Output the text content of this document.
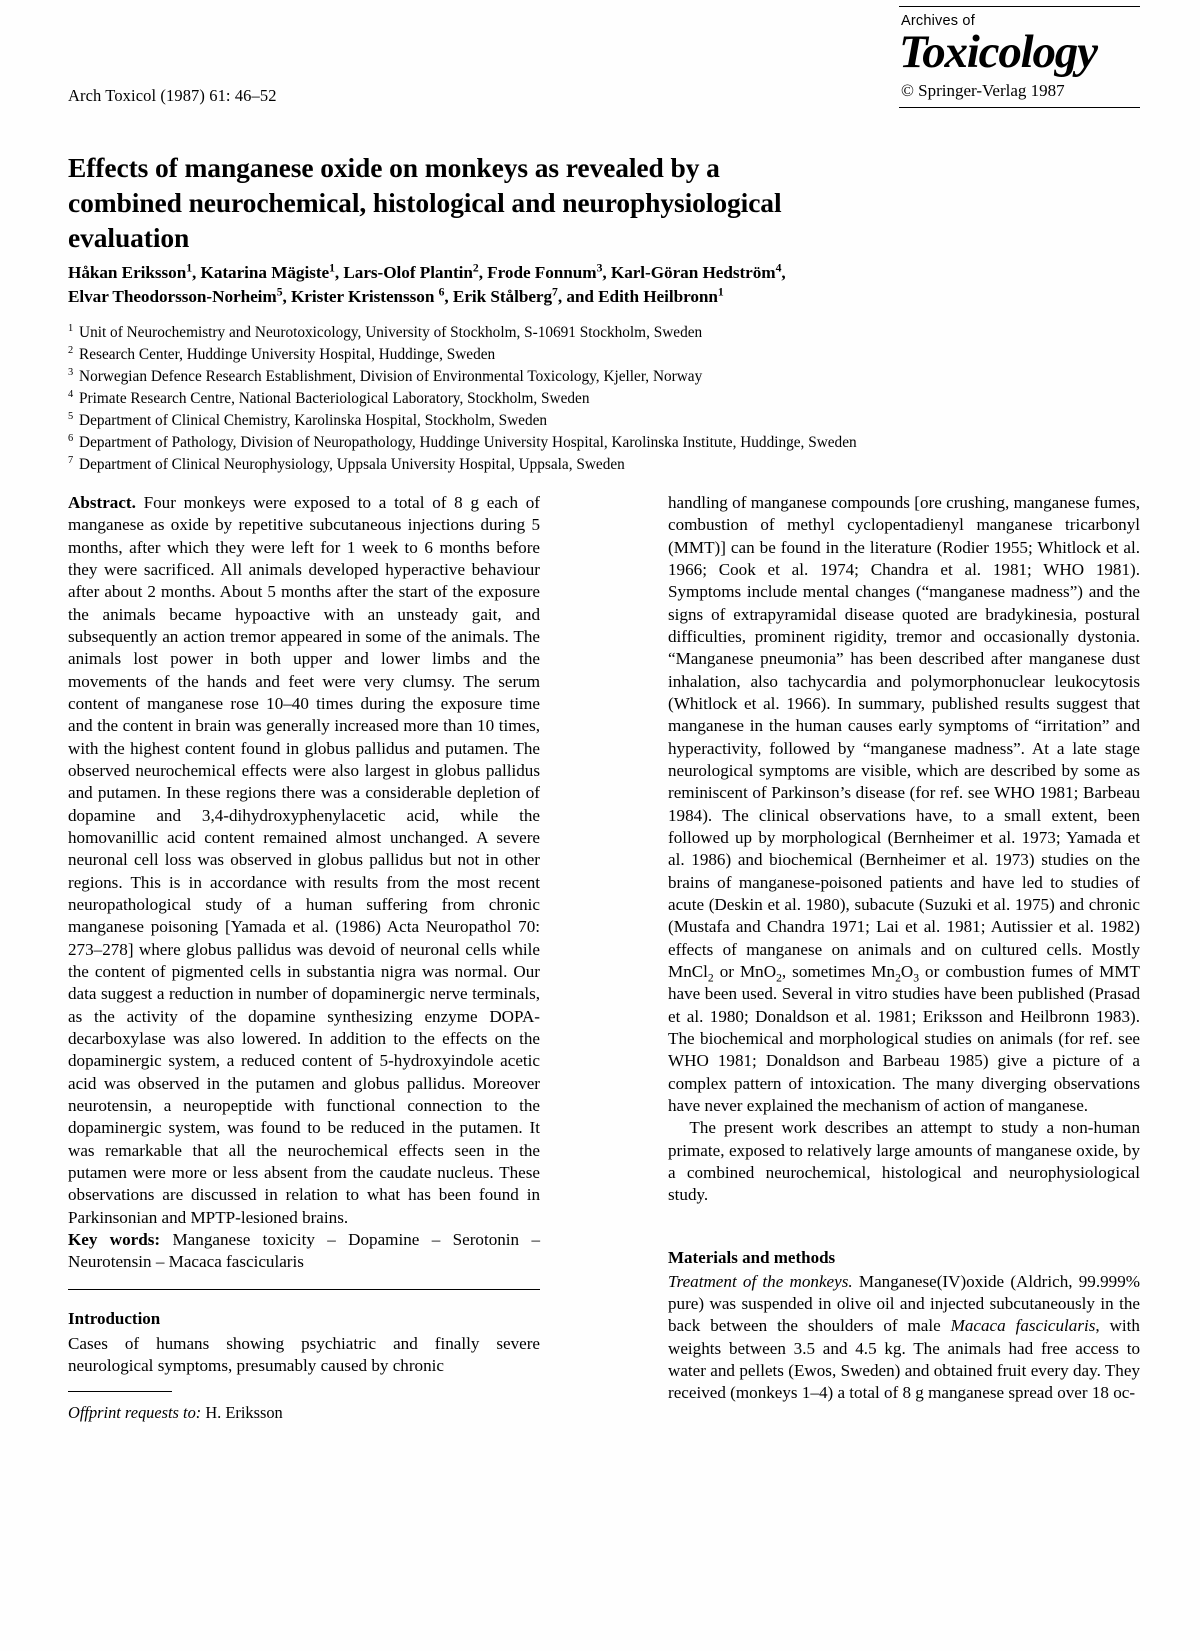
Arch Toxicol (1987) 61: 46–52
Archives of
Toxicology
© Springer-Verlag 1987
Effects of manganese oxide on monkeys as revealed by a combined neurochemical, histological and neurophysiological evaluation
Håkan Eriksson$^1$, Katarina Mägiste$^1$, Lars-Olof Plantin$^2$, Frode Fonnum$^3$, Karl-Göran Hedström$^4$,
Elvar Theodorsson-Norheim$^5$, Krister Kristensson $^6$, Erik Stålberg$^7$, and Edith Heilbronn$^1$
$^1$ Unit of Neurochemistry and Neurotoxicology, University of Stockholm, S-10691 Stockholm, Sweden
$^2$ Research Center, Huddinge University Hospital, Huddinge, Sweden
$^3$ Norwegian Defence Research Establishment, Division of Environmental Toxicology, Kjeller, Norway
$^4$ Primate Research Centre, National Bacteriological Laboratory, Stockholm, Sweden
$^5$ Department of Clinical Chemistry, Karolinska Hospital, Stockholm, Sweden
$^6$ Department of Pathology, Division of Neuropathology, Huddinge University Hospital, Karolinska Institute, Huddinge, Sweden
$^7$ Department of Clinical Neurophysiology, Uppsala University Hospital, Uppsala, Sweden

Abstract. Four monkeys were exposed to a total of 8 g each of manganese as oxide by repetitive subcutaneous injections during 5 months, after which they were left for 1 week to 6 months before they were sacrificed. All animals developed hyperactive behaviour after about 2 months. About 5 months after the start of the exposure the animals became hypoactive with an unsteady gait, and subsequently an action tremor appeared in some of the animals. The animals lost power in both upper and lower limbs and the movements of the hands and feet were very clumsy. The serum content of manganese rose 10–40 times during the exposure time and the content in brain was generally increased more than 10 times, with the highest content found in globus pallidus and putamen. The observed neurochemical effects were also largest in globus pallidus and putamen. In these regions there was a considerable depletion of dopamine and 3,4-dihydroxyphenylacetic acid, while the homovanillic acid content remained almost unchanged. A severe neuronal cell loss was observed in globus pallidus but not in other regions. This is in accordance with results from the most recent neuropathological study of a human suffering from chronic manganese poisoning [Yamada et al. (1986) Acta Neuropathol 70: 273–278] where globus pallidus was devoid of neuronal cells while the content of pigmented cells in substantia nigra was normal. Our data suggest a reduction in number of dopaminergic nerve terminals, as the activity of the dopamine synthesizing enzyme DOPA-decarboxylase was also lowered. In addition to the effects on the dopaminergic system, a reduced content of 5-hydroxyindole acetic acid was observed in the putamen and globus pallidus. Moreover neurotensin, a neuropeptide with functional connection to the dopaminergic system, was found to be reduced in the putamen. It was remarkable that all the neurochemical effects seen in the putamen were more or less absent from the caudate nucleus. These observations are discussed in relation to what has been found in Parkinsonian and MPTP-lesioned brains.

Key words: Manganese toxicity – Dopamine – Serotonin – Neurotensin – Macaca fascicularis

Introduction

Cases of humans showing psychiatric and finally severe neurological symptoms, presumably caused by chronic

Offprint requests to: H. Eriksson

handling of manganese compounds [ore crushing, manganese fumes, combustion of methyl cyclopentadienyl manganese tricarbonyl (MMT)] can be found in the literature (Rodier 1955; Whitlock et al. 1966; Cook et al. 1974; Chandra et al. 1981; WHO 1981). Symptoms include mental changes (“manganese madness”) and the signs of extrapyramidal disease quoted are bradykinesia, postural difficulties, prominent rigidity, tremor and occasionally dystonia. “Manganese pneumonia” has been described after manganese dust inhalation, also tachycardia and polymorphonuclear leukocytosis (Whitlock et al. 1966). In summary, published results suggest that manganese in the human causes early symptoms of “irritation” and hyperactivity, followed by “manganese madness”. At a late stage neurological symptoms are visible, which are described by some as reminiscent of Parkinson’s disease (for ref. see WHO 1981; Barbeau 1984). The clinical observations have, to a small extent, been followed up by morphological (Bernheimer et al. 1973; Yamada et al. 1986) and biochemical (Bernheimer et al. 1973) studies on the brains of manganese-poisoned patients and have led to studies of acute (Deskin et al. 1980), subacute (Suzuki et al. 1975) and chronic (Mustafa and Chandra 1971; Lai et al. 1981; Autissier et al. 1982) effects of manganese on animals and on cultured cells. Mostly MnCl$_2$ or MnO$_2$, sometimes $Mn_2O_3$ or combustion fumes of MMT have been used. Several in vitro studies have been published (Prasad et al. 1980; Donaldson et al. 1981; Eriksson and Heilbronn 1983). The biochemical and morphological studies on animals (for ref. see WHO 1981; Donaldson and Barbeau 1985) give a picture of a complex pattern of intoxication. The many diverging observations have never explained the mechanism of action of manganese.

The present work describes an attempt to study a non-human primate, exposed to relatively large amounts of manganese oxide, by a combined neurochemical, histological and neurophysiological study.

Materials and methods

Treatment of the monkeys. Manganese(IV)oxide (Aldrich, 99.999% pure) was suspended in olive oil and injected subcutaneously in the back between the shoulders of male Macaca fascicularis, with weights between 3.5 and 4.5 kg. The animals had free access to water and pellets (Ewos, Sweden) and obtained fruit every day. They received (monkeys 1–4) a total of 8 g manganese spread over 18 oc-
